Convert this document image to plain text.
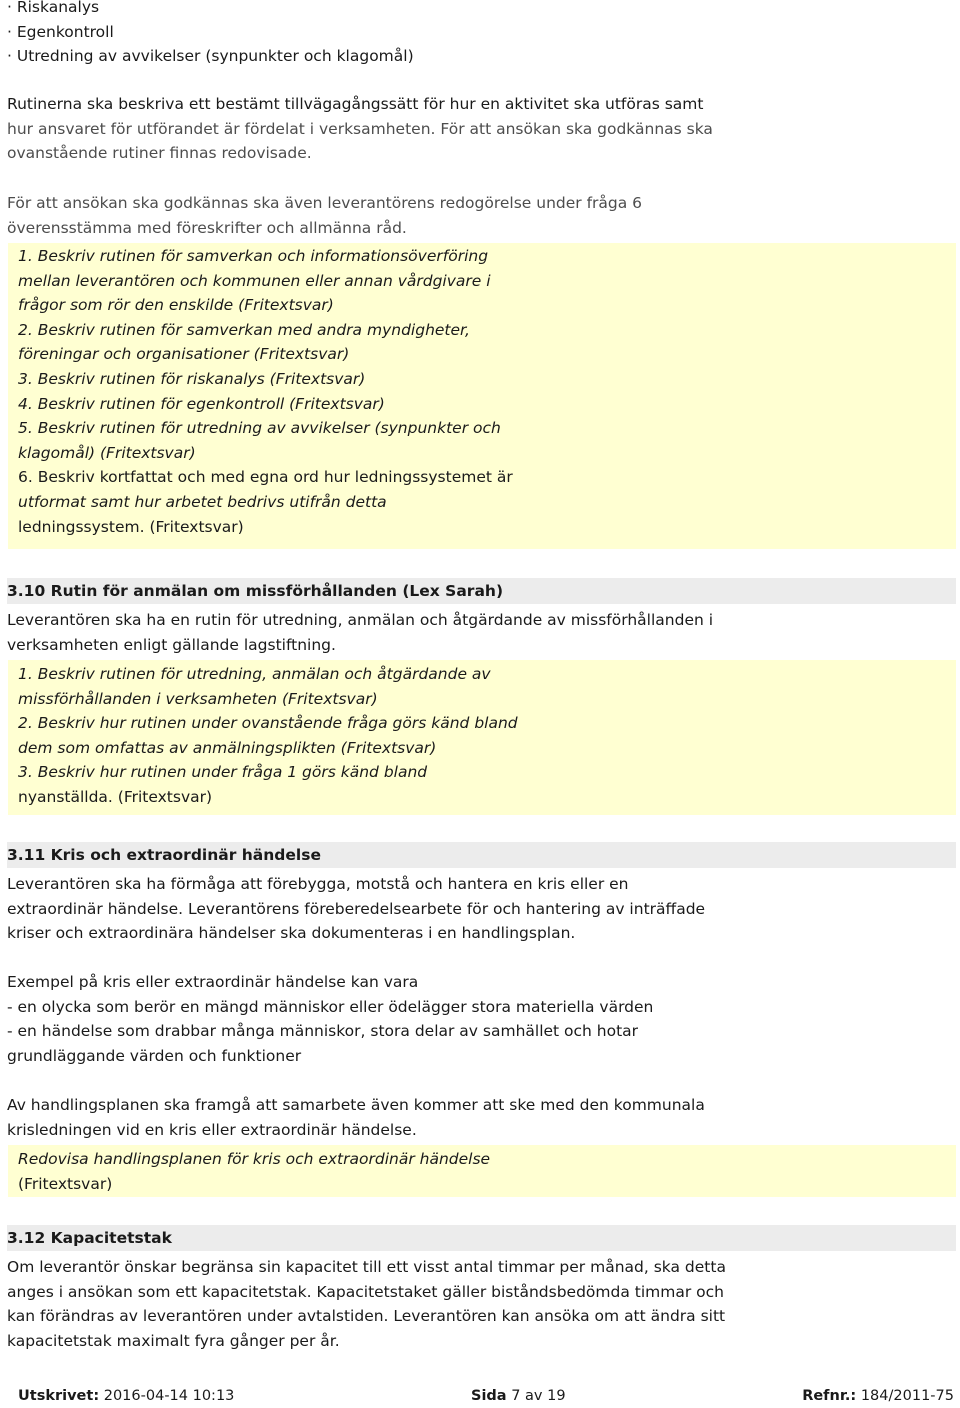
· Riskanalys
· Egenkontroll
· Utredning av avvikelser (synpunkter och klagomål)
Rutinerna ska beskriva ett bestämt tillvägagångssätt för hur en aktivitet ska utföras samt
hur ansvaret för utförandet är fördelat i verksamheten. För att ansökan ska godkännas ska
ovanstående rutiner finnas redovisade.
För att ansökan ska godkännas ska även leverantörens redogörelse under fråga 6
överensstämma med föreskrifter och allmänna råd.
1. Beskriv rutinen för samverkan och informationsöverföring
mellan leverantören och kommunen eller annan vårdgivare i
frågor som rör den enskilde (Fritextsvar)
2. Beskriv rutinen för samverkan med andra myndigheter,
föreningar och organisationer (Fritextsvar)
3. Beskriv rutinen för riskanalys (Fritextsvar)
4. Beskriv rutinen för egenkontroll (Fritextsvar)
5. Beskriv rutinen för utredning av avvikelser (synpunkter och
klagomål) (Fritextsvar)
6. Beskriv kortfattat och med egna ord hur ledningssystemet är
utformat samt hur arbetet bedrivs utifrån detta
ledningssystem. (Fritextsvar)
3.10 Rutin för anmälan om missförhållanden (Lex Sarah)
Leverantören ska ha en rutin för utredning, anmälan och åtgärdande av missförhållanden i
verksamheten enligt gällande lagstiftning.
1. Beskriv rutinen för utredning, anmälan och åtgärdande av
missförhållanden i verksamheten (Fritextsvar)
2. Beskriv hur rutinen under ovanstående fråga görs känd bland
dem som omfattas av anmälningsplikten (Fritextsvar)
3. Beskriv hur rutinen under fråga 1 görs känd bland
nyanställda. (Fritextsvar)
3.11 Kris och extraordinär händelse
Leverantören ska ha förmåga att förebygga, motstå och hantera en kris eller en
extraordinär händelse. Leverantörens föreberedelsearbete för och hantering av inträffade
kriser och extraordinära händelser ska dokumenteras i en handlingsplan.
Exempel på kris eller extraordinär händelse kan vara
- en olycka som berör en mängd människor eller ödelägger stora materiella värden
- en händelse som drabbar många människor, stora delar av samhället och hotar
grundläggande värden och funktioner
Av handlingsplanen ska framgå att samarbete även kommer att ske med den kommunala
krisledningen vid en kris eller extraordinär händelse.
Redovisa handlingsplanen för kris och extraordinär händelse
(Fritextsvar)
3.12 Kapacitetstak
Om leverantör önskar begränsa sin kapacitet till ett visst antal timmar per månad, ska detta
anges i ansökan som ett kapacitetstak. Kapacitetstaket gäller biståndsbedömda timmar och
kan förändras av leverantören under avtalstiden. Leverantören kan ansöka om att ändra sitt
kapacitetstak maximalt fyra gånger per år.
Utskrivet: 2016-04-14 10:13	Sida 7 av 19	Refnr.: 184/2011-75
